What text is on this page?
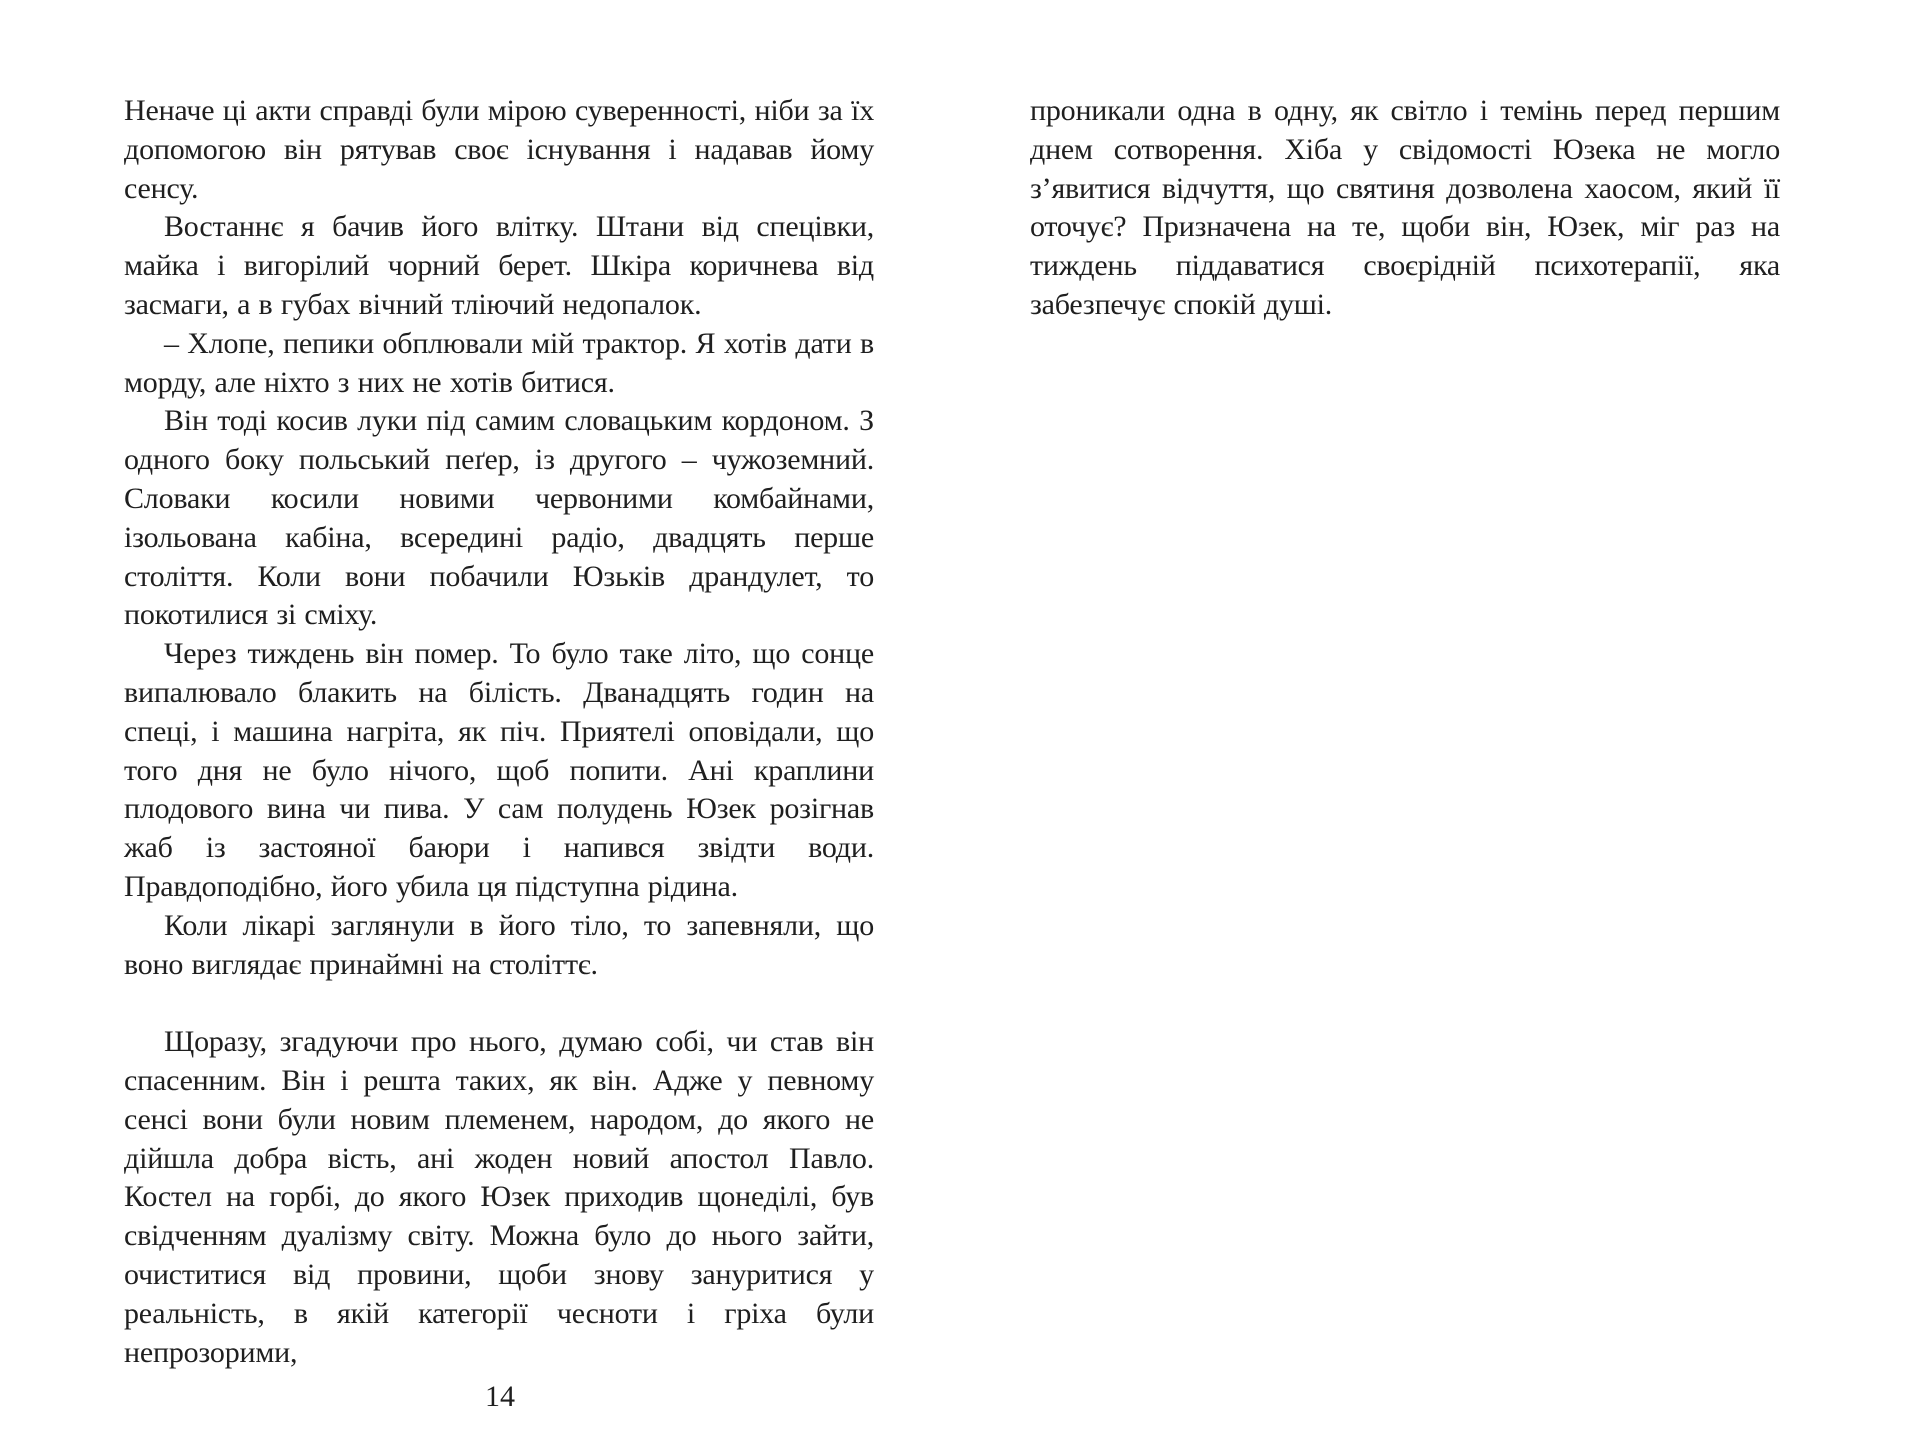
Неначе ці акти справді були мірою суверенності, ніби за їх допомогою він рятував своє існування і надавав йому сенсу.

Востаннє я бачив його влітку. Штани від спецівки, майка і вигорілий чорний берет. Шкіра коричнева від засмаги, а в губах вічний тліючий недопалок.

– Хлопе, пепики обплювали мій трактор. Я хотів дати в морду, але ніхто з них не хотів битися.

Він тоді косив луки під самим словацьким кордоном. З одного боку польський пеґер, із другого – чужоземний. Словаки косили новими червоними комбайнами, ізольована кабіна, всередині радіо, двадцять перше століття. Коли вони побачили Юзьків драндулет, то покотилися зі сміху.

Через тиждень він помер. То було таке літо, що сонце випалювало блакить на білість. Дванадцять годин на спеці, і машина нагріта, як піч. Приятелі оповідали, що того дня не було нічого, щоб попити. Ані краплини плодового вина чи пива. У сам полудень Юзек розігнав жаб із застояної баюри і напився звідти води. Правдоподібно, його убила ця підступна рідина.

Коли лікарі заглянули в його тіло, то запевняли, що воно виглядає принаймні на століттє.

Щоразу, згадуючи про нього, думаю собі, чи став він спасенним. Він і решта таких, як він. Адже у певному сенсі вони були новим племенем, народом, до якого не дійшла добра вість, ані жоден новий апостол Павло. Костел на горбі, до якого Юзек приходив щонеділі, був свідченням дуалізму світу. Можна було до нього зайти, очиститися від провини, щоби знову зануритися у реальність, в якій категорії чесноти і гріха були непрозорими,

14

проникали одна в одну, як світло і темінь перед першим днем сотворення. Хіба у свідомості Юзека не могло з’явитися відчуття, що святиня дозволена хаосом, який її оточує? Призначена на те, щоби він, Юзек, міг раз на тиждень піддаватися своєрідній психотерапії, яка забезпечує спокій душі.
